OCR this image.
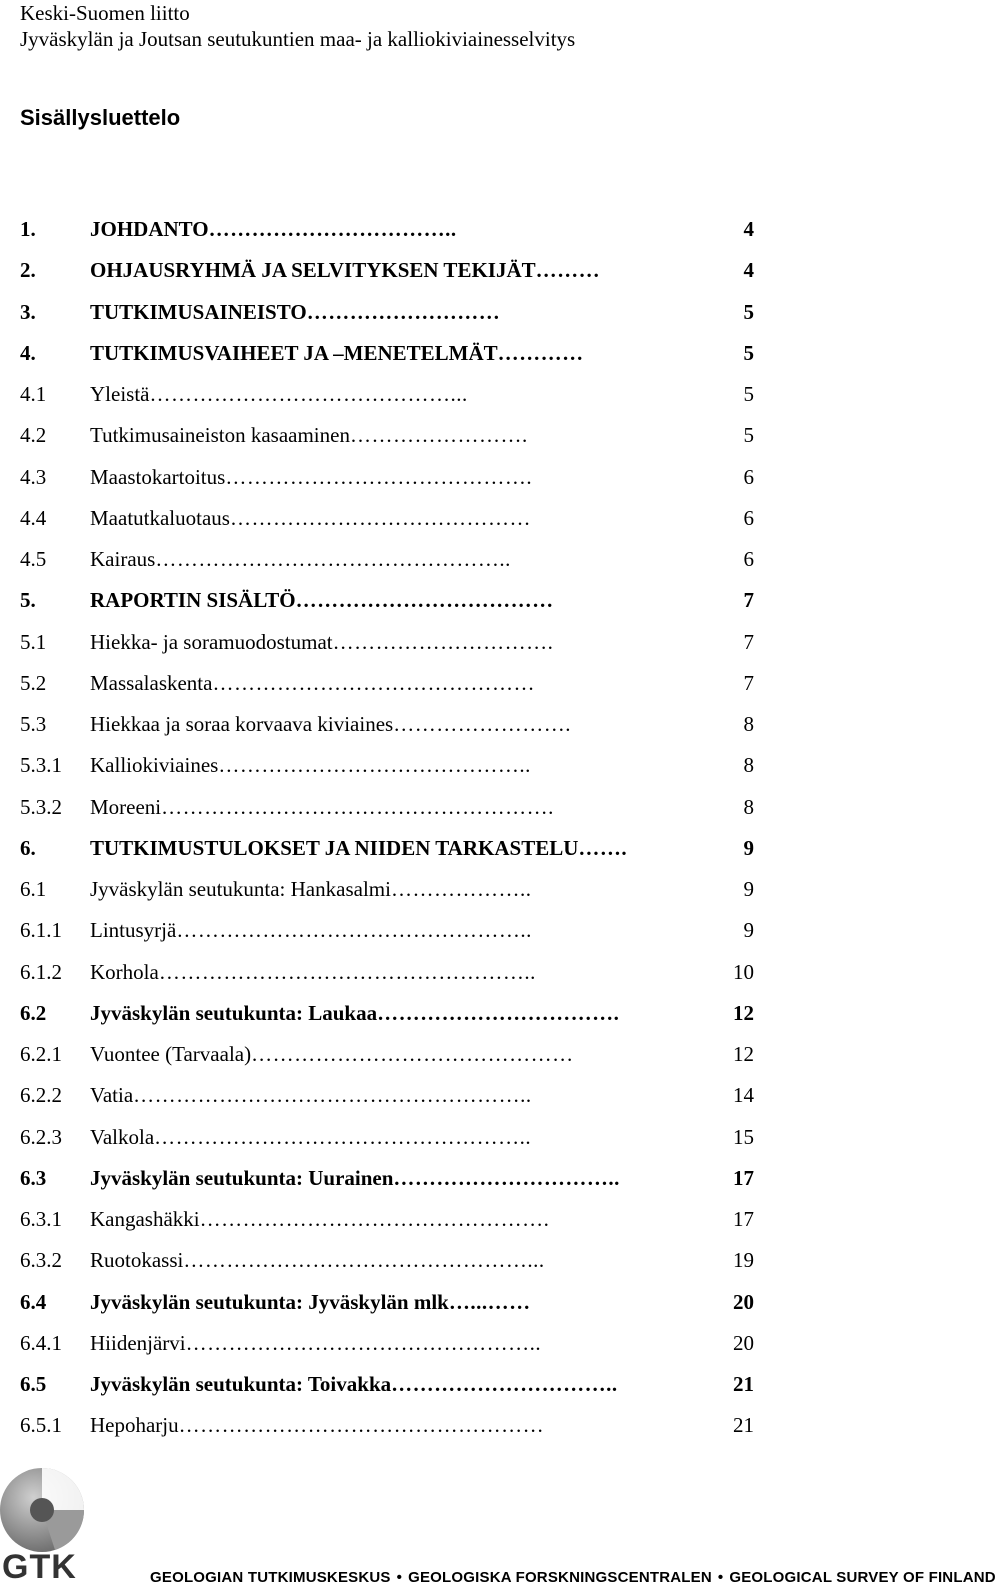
Keski-Suomen liitto
Jyväskylän ja Joutsan seutukuntien maa- ja kalliokiviainesselvitys
Sisällysluettelo
1.	JOHDANTO……………………………..	4
2.	OHJAUSRYHMÄ JA SELVITYKSEN TEKIJÄT………	4
3.	TUTKIMUSAINEISTO………………………	5
4.	TUTKIMUSVAIHEET JA –MENETELMÄT…………	5
4.1 Yleistä……………………………………...	5
4.2 Tutkimusaineiston kasaaminen…………………….	5
4.3 Maastokartoitus…………………………………….	6
4.4 Maatutkaluotaus……………………………………	6
4.5 Kairaus…………………………………………..	6
5.	RAPORTIN SISÄLTÖ………………………………	7
5.1 Hiekka- ja soramuodostumat………………………….	7
5.2 Massalaskenta………………………………………	7
5.3 Hiekkaa ja soraa korvaava kiviaines…………………….	8
5.3.1 Kalliokiviaines……………………………………..	8
5.3.2 Moreeni……………………………………………….	8
6.	TUTKIMUSTULOKSET JA NIIDEN TARKASTELU…….	9
6.1 Jyväskylän seutukunta: Hankasalmi………………..	9
6.1.1 Lintusyrjä…………………………………………..	9
6.1.2 Korhola……………………………………………..	10
6.2 Jyväskylän seutukunta: Laukaa…………………………….	12
6.2.1 Vuontee (Tarvaala)………………………………………	12
6.2.2 Vatia………………………………………………..	14
6.2.3 Valkola……………………………………………..	15
6.3 Jyväskylän seutukunta: Uurainen…………………………..	17
6.3.1 Kangashäkki………………………………………….	17
6.3.2 Ruotokassi…………………………………………...	19
6.4 Jyväskylän seutukunta: Jyväskylän mlk…...……	20
6.4.1 Hiidenjärvi…………………………………………..	20
6.5 Jyväskylän seutukunta: Toivakka…………………………..	21
6.5.1 Hepoharju……………………………………………	21
GTK	GEOLOGIAN TUTKIMUSKESKUS • GEOLOGISKA FORSKNINGSCENTRALEN • GEOLOGICAL SURVEY OF FINLAND
